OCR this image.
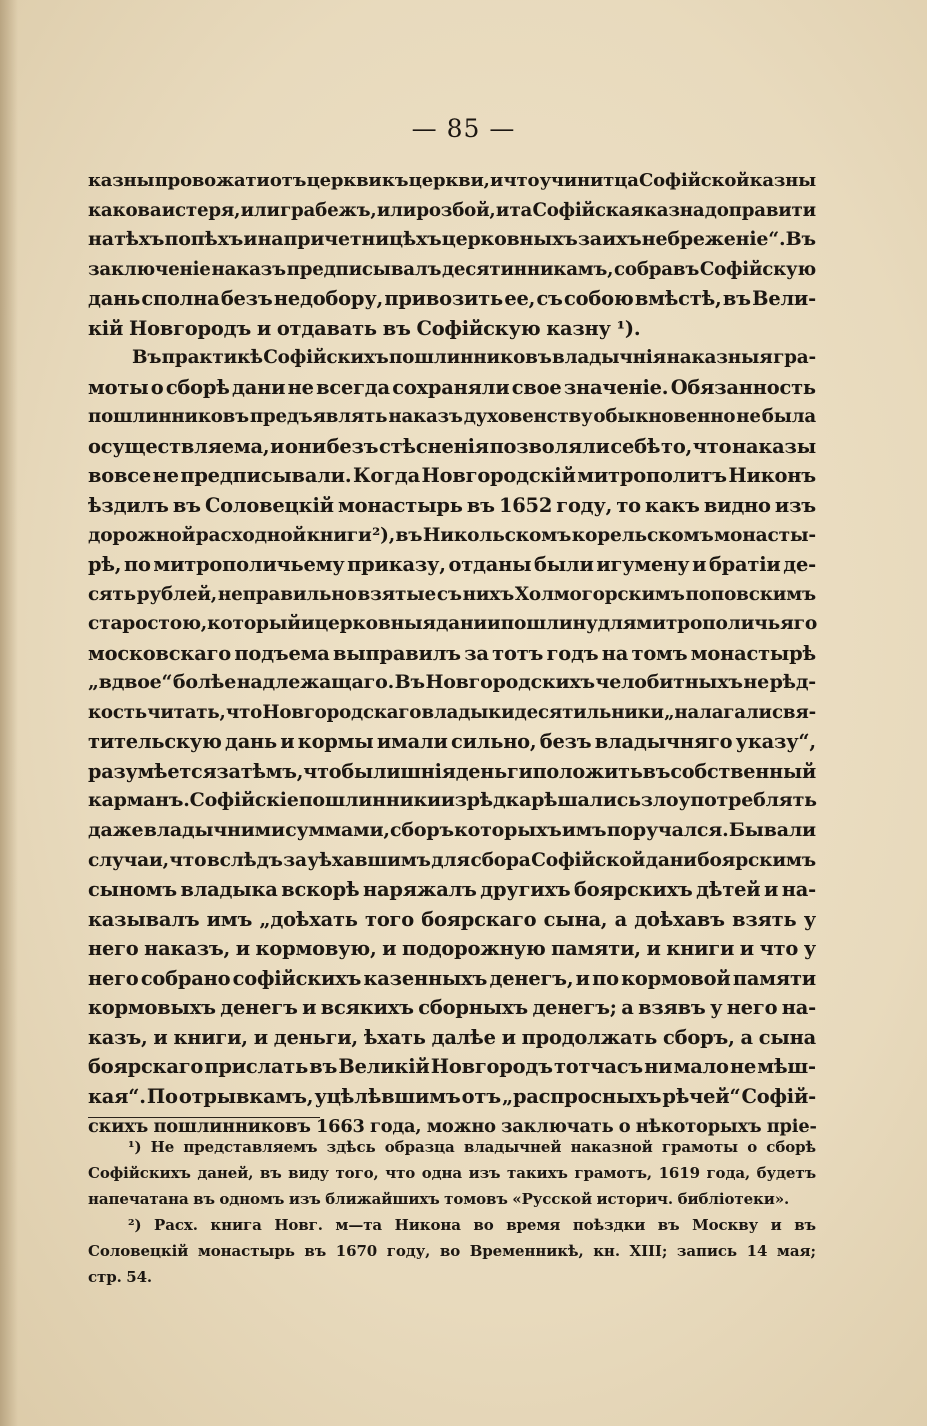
— 85 —
казны провожати отъ церкви къ церкви, и что учинитца Софійской казны
какова истеря, или грабежъ, или розбой, и та Софійская казна доправити
на тѣхъ попѣхъ и на причетницѣхъ церковныхъ за ихъ небреженіе“. Въ
заключеніе наказъ предписывалъ десятинникамъ, собравъ Софійскую
дань сполна безъ недобору, привозить ее, съ собою вмѣстѣ, въ Вели-
кій Новгородъ и отдавать въ Софійскую казну ¹).
Въ практикѣ Софійскихъ пошлинниковъ владычнія наказныя гра-
моты о сборѣ дани не всегда сохраняли свое значеніе. Обязанность
пошлинниковъ предъявлять наказъ духовенству обыкновенно не была
осуществляема, и они безъ стѣсненія позволяли себѣ то, что наказы
вовсе не предписывали. Когда Новгородскій митрополитъ Никонъ
ѣздилъ въ Соловецкій монастырь въ 1652 году, то какъ видно изъ
дорожной расходной книги ²), въ Никольскомъ корельскомъ монасты-
рѣ, по митрополичьему приказу, отданы были игумену и братіи де-
сять рублей, неправильно взятые съ нихъ Холмогорскимъ поповскимъ
старостою, который и церковныя дани и пошлину для митрополичьяго
московскаго подъема выправилъ за тотъ годъ на томъ монастырѣ
„вдвое“ болѣе надлежащаго. Въ Новгородскихъ челобитныхъ не рѣд-
кость читать, что Новгородскаго владыки десятильники „налагали свя-
тительскую дань и кормы имали сильно, безъ владычняго указу“,
разумѣется затѣмъ, чтобы лишнія деньги положить въ собственный
карманъ. Софійскіе пошлинники изрѣдка рѣшались злоупотреблять
даже владычними суммами, сборъ которыхъ имъ поручался. Бывали
случаи, что вслѣдъ за уѣхавшимъ для сбора Софійской дани боярскимъ
сыномъ владыка вскорѣ наряжалъ другихъ боярскихъ дѣтей и на-
казывалъ имъ „доѣхать того боярскаго сына, а доѣхавъ взять у
него наказъ, и кормовую, и подорожную памяти, и книги и что у
него собрано софійскихъ казенныхъ денегъ, и по кормовой памяти
кормовыхъ денегъ и всякихъ сборныхъ денегъ; а взявъ у него на-
казъ, и книги, и деньги, ѣхать далѣе и продолжать сборъ, а сына
боярскаго прислать въ Великій Новгородъ тотчасъ ни мало не мѣш-
кая“. По отрывкамъ, уцѣлѣвшимъ отъ „распросныхъ рѣчей“ Софій-
скихъ пошлинниковъ 1663 года, можно заключать о нѣкоторыхъ пріе-
¹) Не представляемъ здѣсь образца владычней наказной грамоты о сборѣ
Софійскихъ даней, въ виду того, что одна изъ такихъ грамотъ, 1619 года, будетъ
напечатана въ одномъ изъ ближайшихъ томовъ «Русской историч. библіотеки».
²) Расх. книга Новг. м—та Никона во время поѣздки въ Москву и въ
Соловецкій монастырь въ 1670 году, во Временникѣ, кн. XIII; запись 14 мая;
стр. 54.
